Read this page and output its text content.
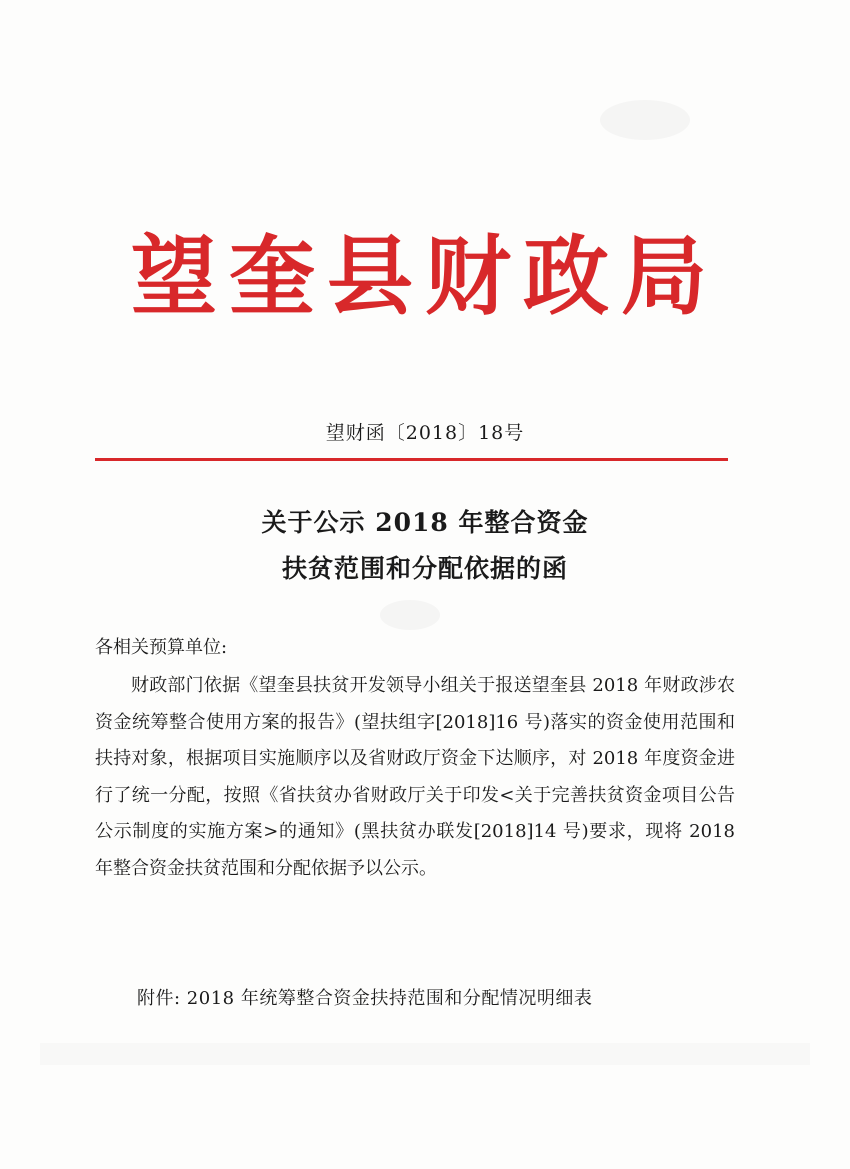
望奎县财政局
望财函〔2018〕18号
关于公示 2018 年整合资金
扶贫范围和分配依据的函
各相关预算单位:
财政部门依据《望奎县扶贫开发领导小组关于报送望奎县 2018 年财政涉农资金统筹整合使用方案的报告》(望扶组字[2018]16 号)落实的资金使用范围和扶持对象，根据项目实施顺序以及省财政厅资金下达顺序，对 2018 年度资金进行了统一分配，按照《省扶贫办省财政厅关于印发<关于完善扶贫资金项目公告公示制度的实施方案>的通知》(黑扶贫办联发[2018]14 号)要求，现将 2018 年整合资金扶贫范围和分配依据予以公示。
附件: 2018 年统筹整合资金扶持范围和分配情况明细表
